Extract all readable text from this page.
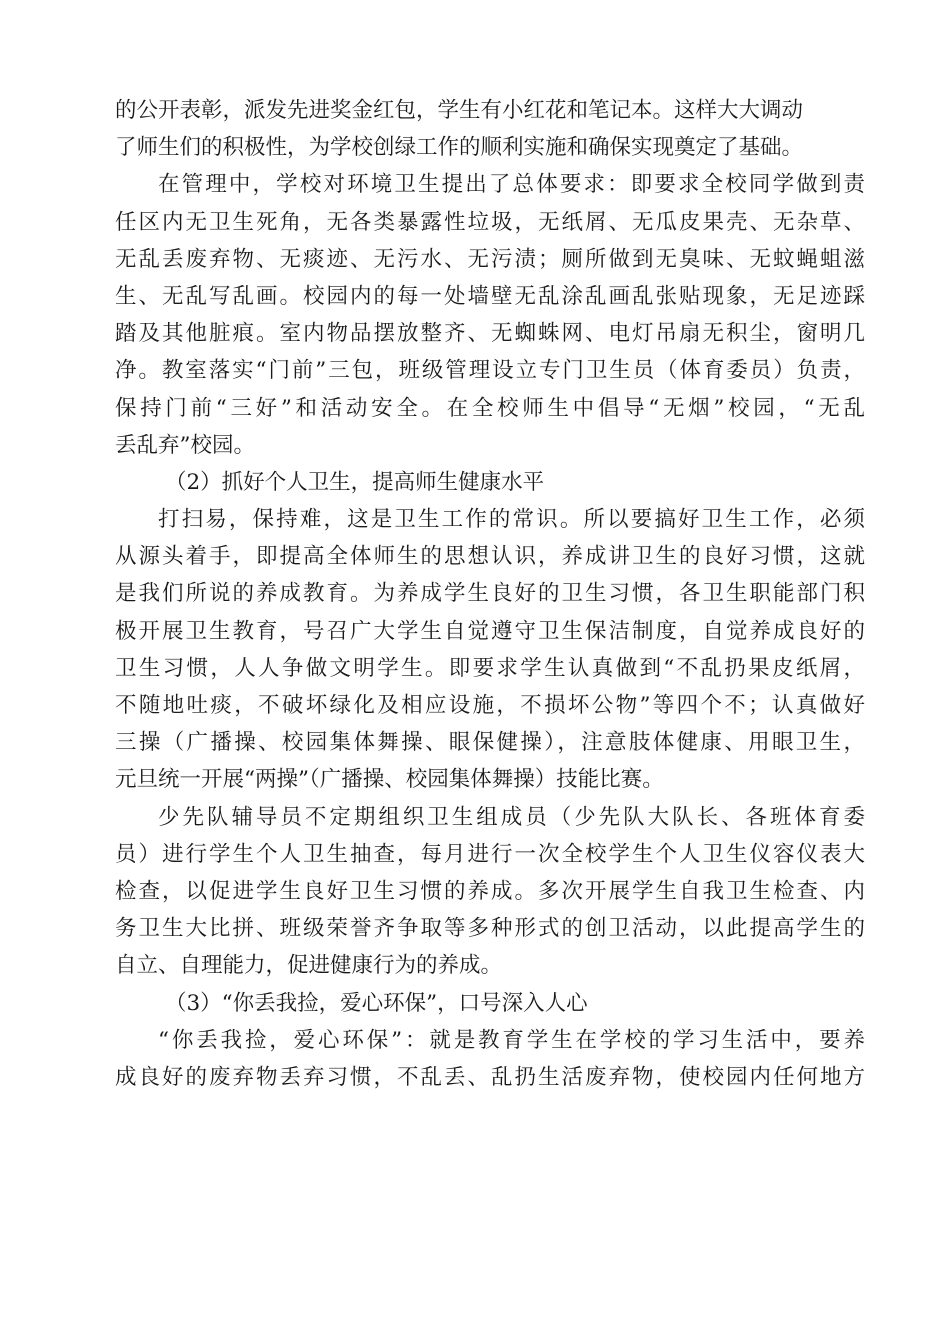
的公开表彰，派发先进奖金红包，学生有小红花和笔记本。这样大大调动
了师生们的积极性，为学校创绿工作的顺利实施和确保实现奠定了基础。
在管理中，学校对环境卫生提出了总体要求：即要求全校同学做到责
任区内无卫生死角，无各类暴露性垃圾，无纸屑、无瓜皮果壳、无杂草、
无乱丢废弃物、无痰迹、无污水、无污渍；厕所做到无臭味、无蚊蝇蛆滋
生、无乱写乱画。校园内的每一处墙壁无乱涂乱画乱张贴现象，无足迹踩
踏及其他脏痕。室内物品摆放整齐、无蜘蛛网、电灯吊扇无积尘，窗明几
净。教室落实“门前”三包，班级管理设立专门卫生员（体育委员）负责，
保持门前“三好”和活动安全。在全校师生中倡导“无烟”校园，“无乱
丢乱弃”校园。
（2）抓好个人卫生，提高师生健康水平
打扫易，保持难，这是卫生工作的常识。所以要搞好卫生工作，必须
从源头着手，即提高全体师生的思想认识，养成讲卫生的良好习惯，这就
是我们所说的养成教育。为养成学生良好的卫生习惯，各卫生职能部门积
极开展卫生教育，号召广大学生自觉遵守卫生保洁制度，自觉养成良好的
卫生习惯，人人争做文明学生。即要求学生认真做到“不乱扔果皮纸屑，
不随地吐痰，不破坏绿化及相应设施，不损坏公物”等四个不；认真做好
三操（广播操、校园集体舞操、眼保健操），注意肢体健康、用眼卫生，
元旦统一开展“两操”（广播操、校园集体舞操）技能比赛。
少先队辅导员不定期组织卫生组成员（少先队大队长、各班体育委
员）进行学生个人卫生抽查，每月进行一次全校学生个人卫生仪容仪表大
检查，以促进学生良好卫生习惯的养成。多次开展学生自我卫生检查、内
务卫生大比拼、班级荣誉齐争取等多种形式的创卫活动，以此提高学生的
自立、自理能力，促进健康行为的养成。
（3）“你丢我捡，爱心环保”，口号深入人心
“你丢我捡，爱心环保”：就是教育学生在学校的学习生活中，要养
成良好的废弃物丢弃习惯，不乱丢、乱扔生活废弃物，使校园内任何地方
